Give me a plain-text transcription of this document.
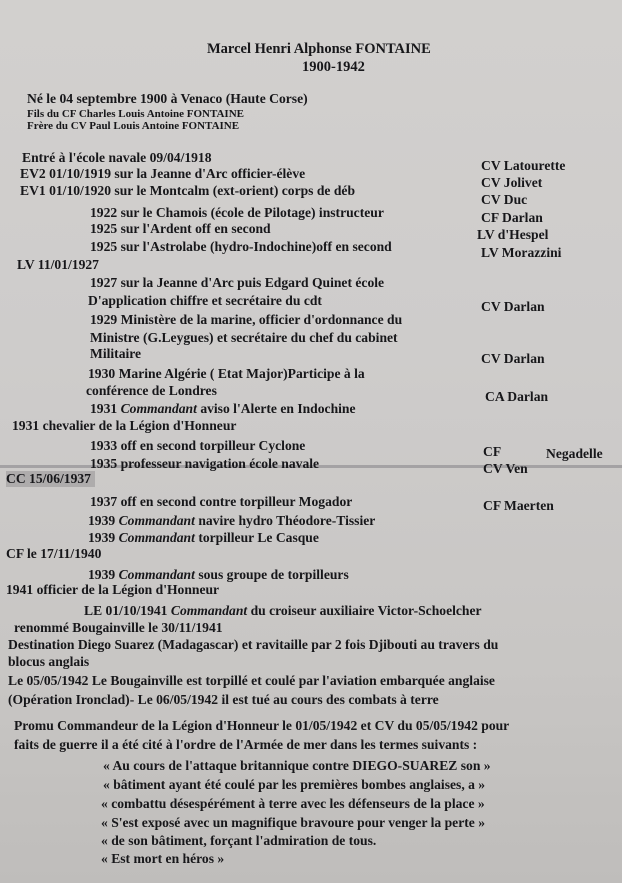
Marcel Henri Alphonse FONTAINE
1900-1942
Né le 04 septembre 1900 à Venaco (Haute Corse)
Fils du CF Charles Louis Antoine FONTAINE
Frère du CV Paul Louis Antoine FONTAINE
Entré à l'école navale 09/04/1918
EV2 01/10/1919 sur la Jeanne d'Arc officier-élève
EV1 01/10/1920 sur le Montcalm (ext-orient) corps de déb
1922 sur le Chamois (école de Pilotage) instructeur
1925 sur l'Ardent off en second
1925 sur l'Astrolabe (hydro-Indochine)off en second
LV 11/01/1927
1927 sur la Jeanne d'Arc puis Edgard Quinet école
D'application chiffre et secrétaire du cdt
1929 Ministère de la marine, officier d'ordonnance du
Ministre (G.Leygues) et secrétaire du chef du cabinet
Militaire
1930 Marine Algérie ( Etat Major)Participe à la
conférence de Londres
1931 Commandant aviso l'Alerte en Indochine
1931 chevalier de la Légion d'Honneur
1933 off en second torpilleur Cyclone
1935 professeur navigation école navale
CC 15/06/1937
1937 off en second contre torpilleur Mogador
1939 Commandant navire hydro Théodore-Tissier
1939 Commandant torpilleur Le Casque
CF le 17/11/1940
1939 Commandant sous groupe de torpilleurs
1941 officier de la Légion d'Honneur
LE 01/10/1941 Commandant du croiseur auxiliaire Victor-Schoelcher
renommé Bougainville le 30/11/1941
Destination Diego Suarez (Madagascar) et ravitaille par 2 fois Djibouti au travers du
blocus anglais
Le 05/05/1942 Le Bougainville est torpillé et coulé par l'aviation embarquée anglaise
(Opération Ironclad)- Le 06/05/1942 il est tué au cours des combats à terre
CV Latourette
CV Jolivet
CV Duc
CF Darlan
LV d'Hespel
LV Morazzini
CV Darlan
CV Darlan
CA Darlan
CF	Negadelle
CV Ven
CF Maerten
Promu Commandeur de la Légion d'Honneur le 01/05/1942 et CV du 05/05/1942 pour
faits de guerre il a été cité à l'ordre de l'Armée de mer dans les termes suivants :
« Au cours de l'attaque britannique contre DIEGO-SUAREZ son »
« bâtiment ayant été coulé par les premières bombes anglaises, a »
« combattu désespérément à terre avec les défenseurs de la place »
« S'est exposé avec un magnifique bravoure pour venger la perte »
« de son bâtiment, forçant l'admiration de tous.
« Est mort en héros »
